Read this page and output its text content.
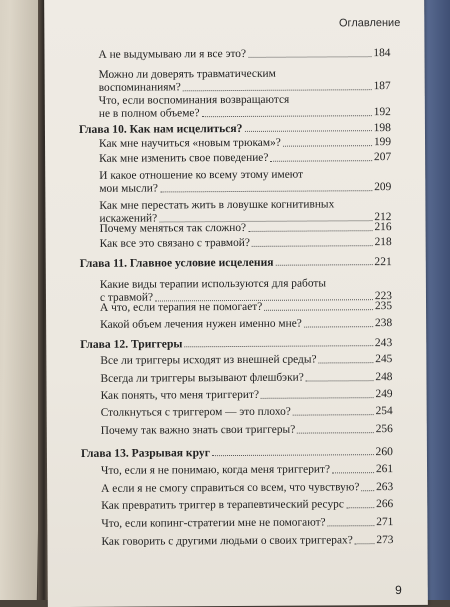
Оглавление
А не выдумываю ли я все это?	184
Можно ли доверять травматическим
воспоминаниям?	187
Что, если воспоминания возвращаются
не в полном объеме?	192
Глава 10. Как нам исцелиться?	198
Как мне научиться «новым трюкам»?	199
Как мне изменить свое поведение?	207
И какое отношение ко всему этому имеют
мои мысли?	209
Как мне перестать жить в ловушке когнитивных
искажений?	212
Почему меняться так сложно?	216
Как все это связано с травмой?	218
Глава 11. Главное условие исцеления	221
Какие виды терапии используются для работы
с травмой?	223
А что, если терапия не помогает?	235
Какой объем лечения нужен именно мне?	238
Глава 12. Триггеры	243
Все ли триггеры исходят из внешней среды?	245
Всегда ли триггеры вызывают флешбэки?	248
Как понять, что меня триггерит?	249
Столкнуться с триггером — это плохо?	254
Почему так важно знать свои триггеры?	256
Глава 13. Разрывая круг	260
Что, если я не понимаю, когда меня триггерит?	261
А если я не смогу справиться со всем, что чувствую? 263
Как превратить триггер в терапевтический ресурс	266
Что, если копинг-стратегии мне не помогают?	271
Как говорить с другими людьми о своих триггерах? 273
9
